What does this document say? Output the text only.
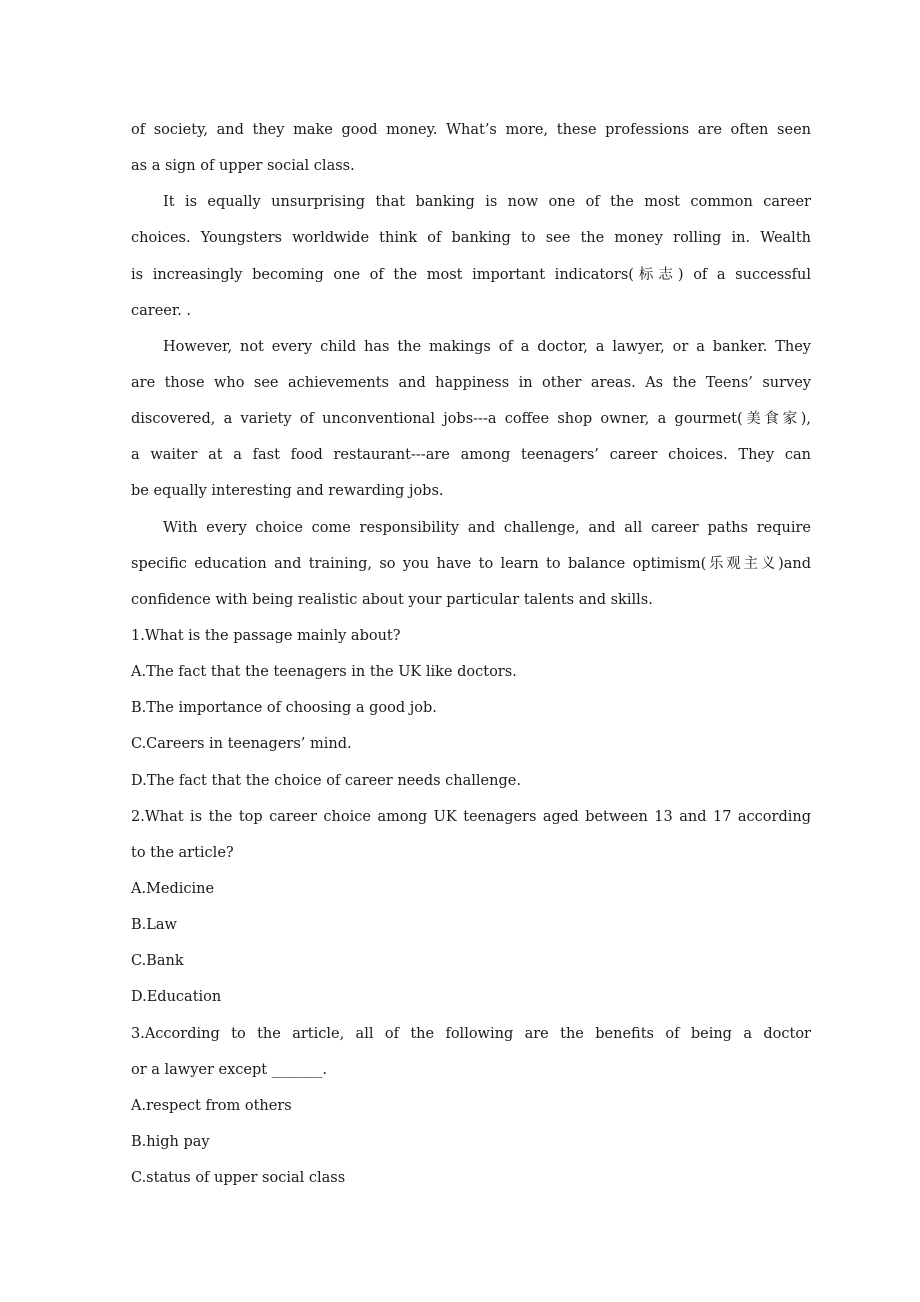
of society, and they make good money. What’s more, these professions are often seen
as a sign of upper social class.
It is equally unsurprising that banking is now one of the most common career
choices. Youngsters worldwide think of banking to see the money rolling in. Wealth
is increasingly becoming one of the most important indicators(标志) of a successful
career. .
However, not every child has the makings of a doctor, a lawyer, or a banker. They
are those who see achievements and happiness in other areas. As the Teens’ survey
discovered, a variety of unconventional jobs---a coffee shop owner, a gourmet(美食家),
a waiter at a fast food restaurant---are among teenagers’ career choices. They can
be equally interesting and rewarding jobs.
With every choice come responsibility and challenge, and all career paths require
specific education and training, so you have to learn to balance optimism(乐观主义)and
confidence with being realistic about your particular talents and skills.
1.What is the passage mainly about?
A.The fact that the teenagers in the UK like doctors.
B.The importance of choosing a good job.
C.Careers in teenagers’ mind.
D.The fact that the choice of career needs challenge.
2.What is the top career choice among UK teenagers aged between 13 and 17 according
to the article?
A.Medicine
B.Law
C.Bank
D.Education
3.According to the article, all of the following are the benefits of being a doctor
or a lawyer except _______.
A.respect from others
B.high pay
C.status of upper social class
